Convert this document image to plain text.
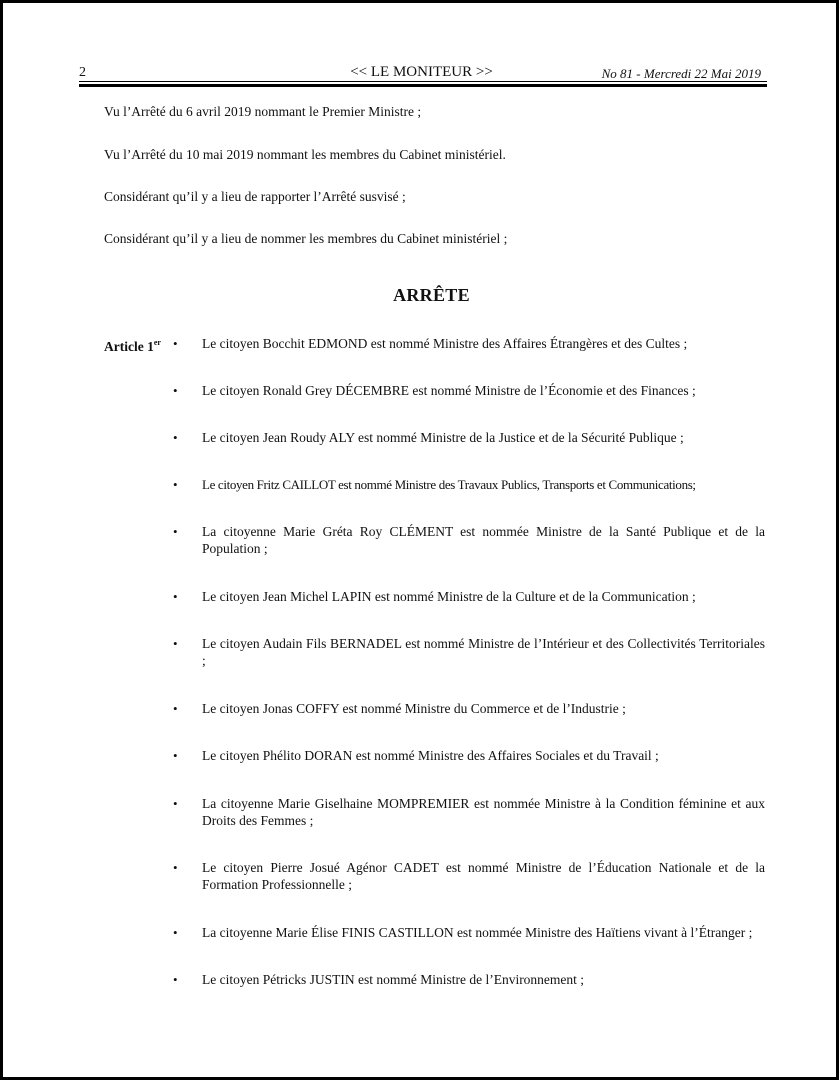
2	<< LE MONITEUR >>	No 81 - Mercredi 22 Mai 2019

Vu l’Arrêté du 6 avril 2019 nommant le Premier Ministre ;

Vu l’Arrêté du 10 mai 2019 nommant les membres du Cabinet ministériel.

Considérant qu’il y a lieu de rapporter l’Arrêté susvisé ;

Considérant qu’il y a lieu de nommer les membres du Cabinet ministériel ;

ARRÊTE
Article 1er • Le citoyen Bocchit EDMOND est nommé Ministre des Affaires Étrangères et des Cultes ;
• Le citoyen Ronald Grey DÉCEMBRE est nommé Ministre de l’Économie et des Finances ;
• Le citoyen Jean Roudy ALY est nommé Ministre de la Justice et de la Sécurité Publique ;
• Le citoyen Fritz CAILLOT est nommé Ministre des Travaux Publics, Transports et Communications;
• La citoyenne Marie Gréta Roy CLÉMENT est nommée Ministre de la Santé Publique et de la Population ;
• Le citoyen Jean Michel LAPIN est nommé Ministre de la Culture et de la Communication ;
• Le citoyen Audain Fils BERNADEL est nommé Ministre de l’Intérieur et des Collectivités Territoriales ;
• Le citoyen Jonas COFFY est nommé Ministre du Commerce et de l’Industrie ;
• Le citoyen Phélito DORAN est nommé Ministre des Affaires Sociales et du Travail ;
• La citoyenne Marie Giselhaine MOMPREMIER est nommée Ministre à la Condition féminine et aux Droits des Femmes ;
• Le citoyen Pierre Josué Agénor CADET est nommé Ministre de l’Éducation Nationale et de la Formation Professionnelle ;
• La citoyenne Marie Élise FINIS CASTILLON est nommée Ministre des Haïtiens vivant à l’Étranger ;
• Le citoyen Pétricks JUSTIN est nommé Ministre de l’Environnement ;
